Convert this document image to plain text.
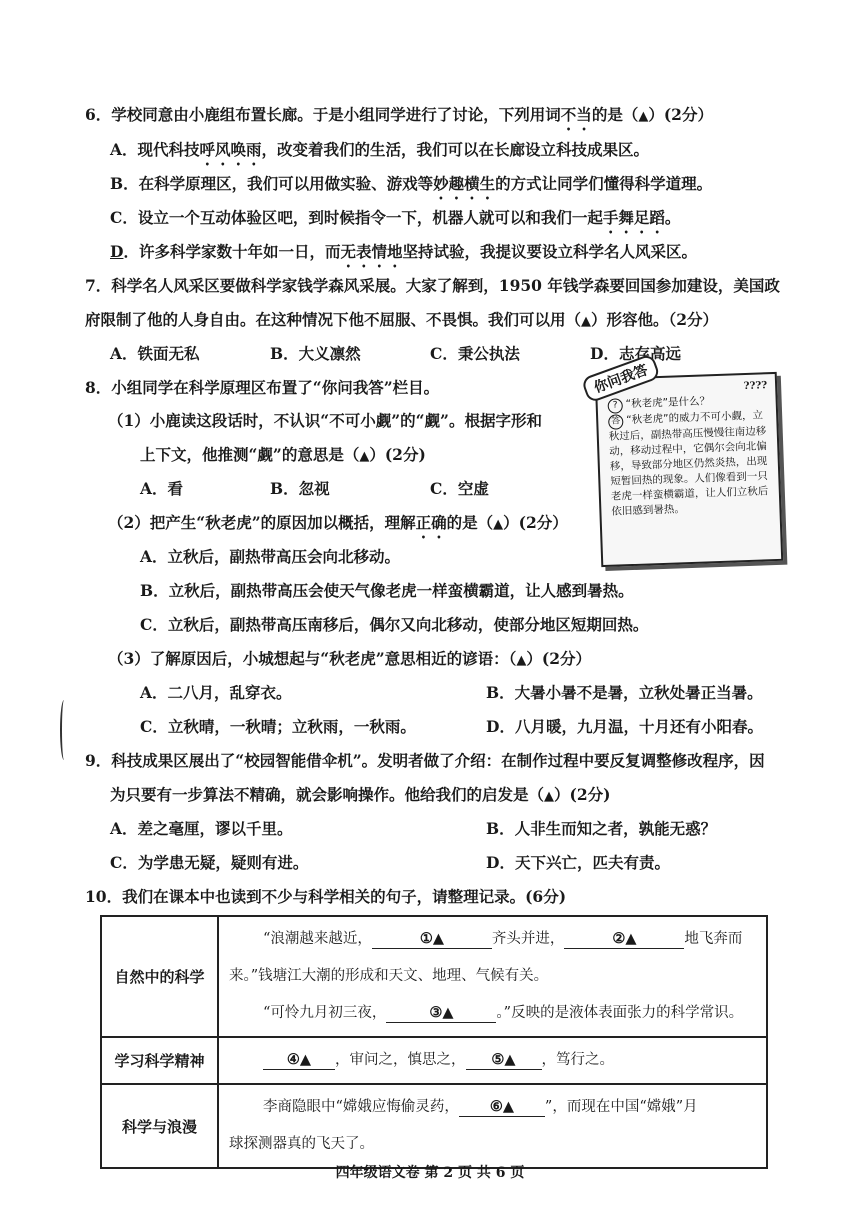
6．学校同意由小鹿组布置长廊。于是小组同学进行了讨论，下列用词不当的是（▲）(2分）
A．现代科技呼风唤雨，改变着我们的生活，我们可以在长廊设立科技成果区。
B．在科学原理区，我们可以用做实验、游戏等妙趣横生的方式让同学们懂得科学道理。
C．设立一个互动体验区吧，到时候指令一下，机器人就可以和我们一起手舞足蹈。
D．许多科学家数十年如一日，而无表情地坚持试验，我提议要设立科学名人风采区。
7．科学名人风采区要做科学家钱学森风采展。大家了解到，1950 年钱学森要回国参加建设，美国政
府限制了他的人身自由。在这种情况下他不屈服、不畏惧。我们可以用（▲）形容他。（2分）
A．铁面无私	B．大义凛然	C．秉公执法	D．志存高远
8．小组同学在科学原理区布置了“你问我答”栏目。
（1）小鹿读这段话时，不认识“不可小觑”的“觑”。根据字形和
上下文，他推测“觑”的意思是（▲）(2分)
A．看	B．忽视	C．空虚
（2）把产生“秋老虎”的原因加以概括，理解正确的是（▲）(2分）
A．立秋后，副热带高压会向北移动。
B．立秋后，副热带高压会使天气像老虎一样蛮横霸道，让人感到暑热。
C．立秋后，副热带高压南移后，偶尔又向北移动，使部分地区短期回热。
（3）了解原因后，小城想起与“秋老虎”意思相近的谚语：（▲）(2分）
A．二八月，乱穿衣。	B．大暑小暑不是暑，立秋处暑正当暑。
C．立秋晴，一秋晴；立秋雨，一秋雨。	D．八月暖，九月温，十月还有小阳春。
你问我答	????
? “秋老虎”是什么？
答 “秋老虎”的威力不可小觑，立秋过后，副热带高压慢慢往南边移动，移动过程中，它偶尔会向北偏移，导致部分地区仍然炎热，出现短暂回热的现象。人们像看到一只老虎一样蛮横霸道，让人们立秋后依旧感到暑热。
9．科技成果区展出了“校园智能借伞机”。发明者做了介绍：在制作过程中要反复调整修改程序，因
为只要有一步算法不精确，就会影响操作。他给我们的启发是（▲）(2分)
A．差之毫厘，谬以千里。	B．人非生而知之者，孰能无惑？
C．为学患无疑，疑则有进。	D．天下兴亡，匹夫有责。
10．我们在课本中也读到不少与科学相关的句子，请整理记录。(6分)
自然中的科学	“浪潮越来越近， ①▲ 齐头并进， ②▲ 地飞奔而
来。”钱塘江大潮的形成和天文、地理、气候有关。
“可怜九月初三夜， ③▲ 。”反映的是液体表面张力的科学常识。

学习科学精神	④▲ ，审问之，慎思之， ⑤▲ ，笃行之。

科学与浪漫	李商隐眼中“嫦娥应悔偷灵药， ⑥▲ ”，而现在中国“嫦娥”月
球探测器真的飞天了。
四年级语文卷 第 2 页 共 6 页
